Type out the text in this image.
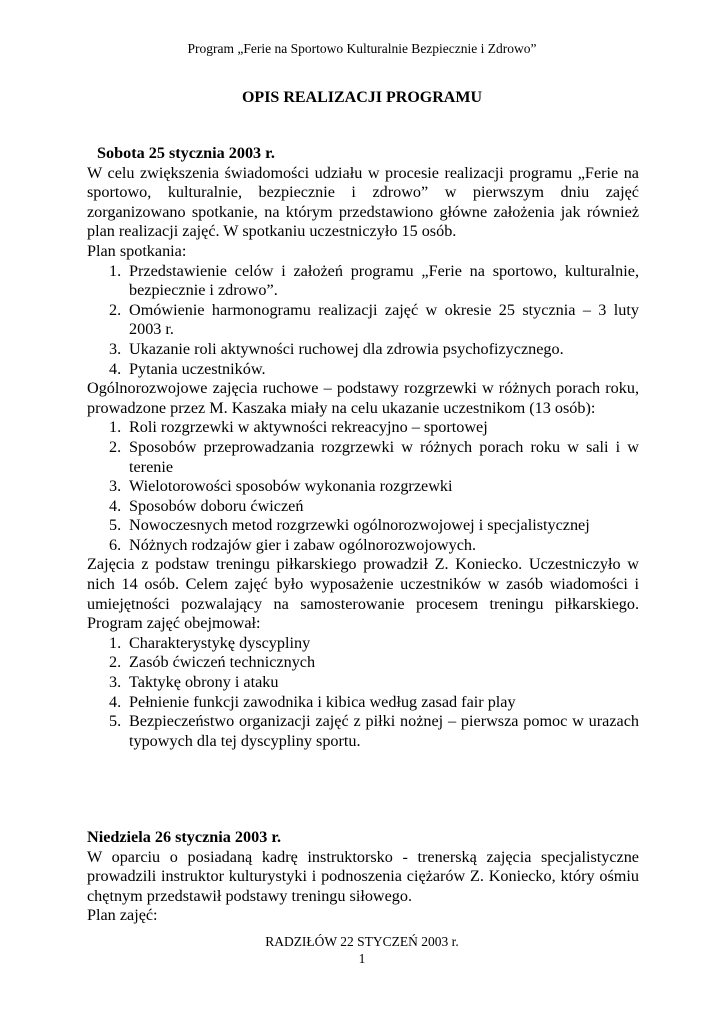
Program „Ferie na Sportowo Kulturalnie Bezpiecznie i Zdrowo”
OPIS REALIZACJI PROGRAMU
Sobota 25 stycznia 2003 r.

W celu zwiększenia świadomości udziału w procesie realizacji programu „Ferie na sportowo, kulturalnie, bezpiecznie i zdrowo” w pierwszym dniu zajęć zorganizowano spotkanie, na którym przedstawiono główne założenia jak również plan realizacji zajęć. W spotkaniu uczestniczyło 15 osób.

Plan spotkania:

1. Przedstawienie celów i założeń programu „Ferie na sportowo, kulturalnie, bezpiecznie i zdrowo”.
2. Omówienie harmonogramu realizacji zajęć w okresie 25 stycznia – 3 luty 2003 r.
3. Ukazanie roli aktywności ruchowej dla zdrowia psychofizycznego.
4. Pytania uczestników.

Ogólnorozwojowe zajęcia ruchowe – podstawy rozgrzewki w różnych porach roku, prowadzone przez M. Kaszaka miały na celu ukazanie uczestnikom (13 osób):

1. Roli rozgrzewki w aktywności rekreacyjno – sportowej
2. Sposobów przeprowadzania rozgrzewki w różnych porach roku w sali i w terenie
3. Wielotorowości sposobów wykonania rozgrzewki
4. Sposobów doboru ćwiczeń
5. Nowoczesnych metod rozgrzewki ogólnorozwojowej i specjalistycznej
6. Nóżnych rodzajów gier i zabaw ogólnorozwojowych.

Zajęcia z podstaw treningu piłkarskiego prowadził Z. Koniecko. Uczestniczyło w nich 14 osób. Celem zajęć było wyposażenie uczestników w zasób wiadomości i umiejętności pozwalający na samosterowanie procesem treningu piłkarskiego. Program zajęć obejmował:

1. Charakterystykę dyscypliny
2. Zasób ćwiczeń technicznych
3. Taktykę obrony i ataku
4. Pełnienie funkcji zawodnika i kibica według zasad fair play
5. Bezpieczeństwo organizacji zajęć z piłki nożnej – pierwsza pomoc w urazach typowych dla tej dyscypliny sportu.
Niedziela 26 stycznia 2003 r.

W oparciu o posiadaną kadrę instruktorsko - trenerską zajęcia specjalistyczne prowadzili instruktor kulturystyki i podnoszenia ciężarów Z. Koniecko, który ośmiu chętnym przedstawił podstawy treningu siłowego.

Plan zajęć:

RADZIŁÓW 22 STYCZEŃ 2003 r.
1
